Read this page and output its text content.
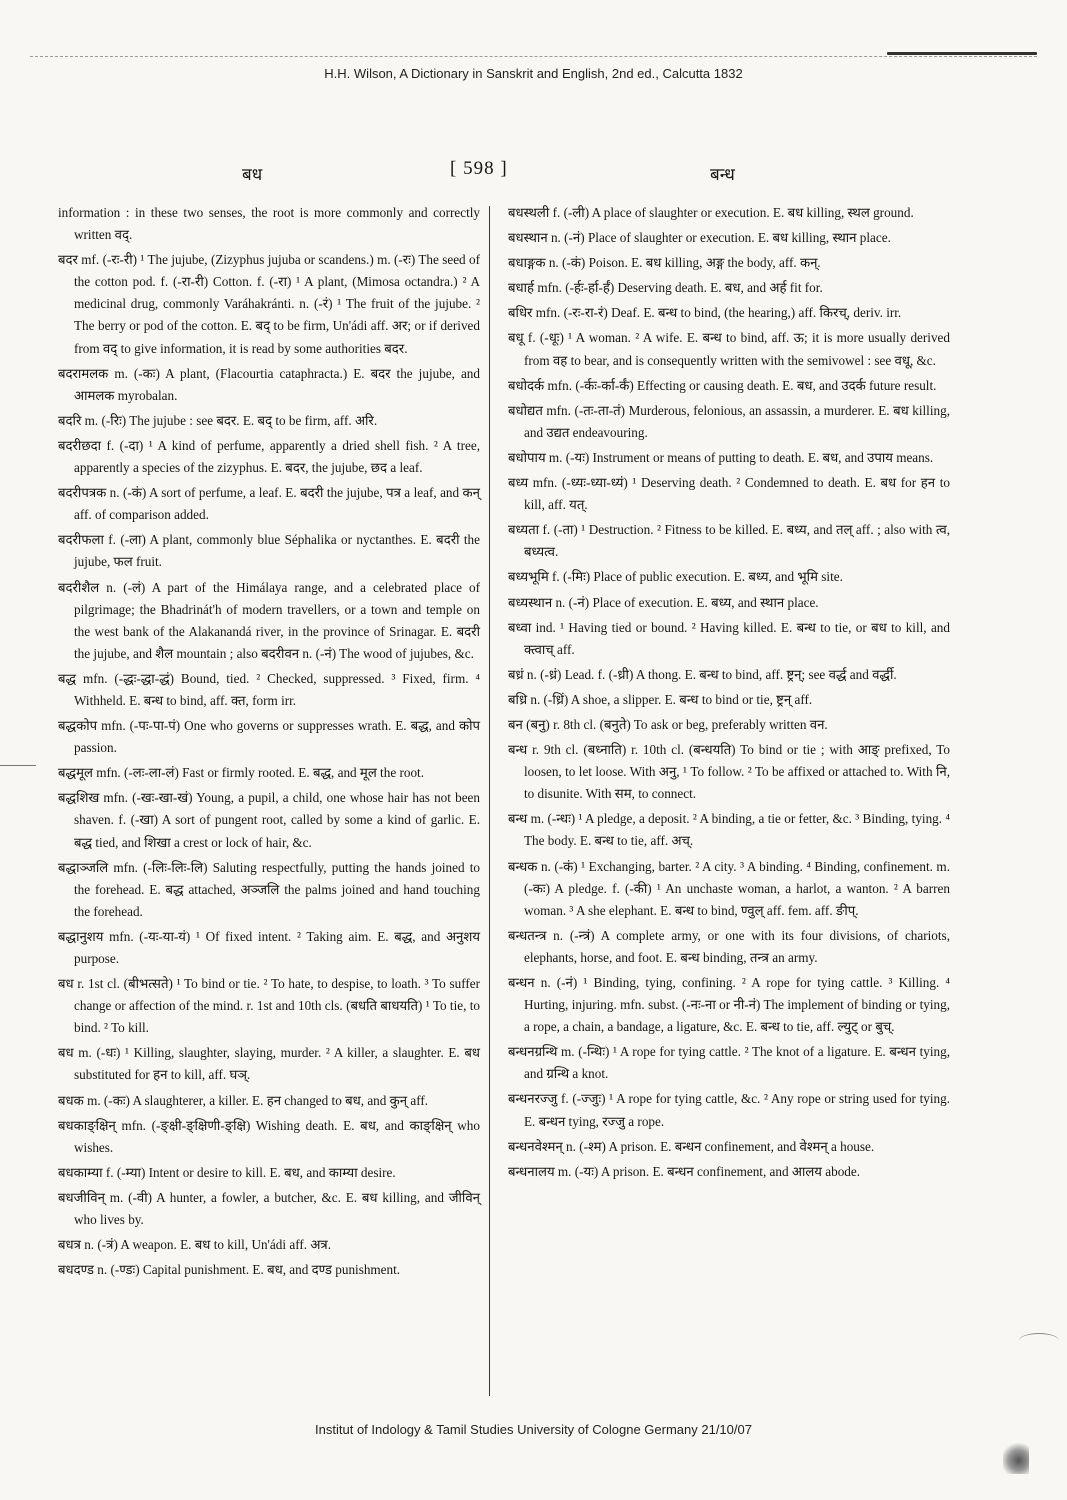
H.H. Wilson, A Dictionary in Sanskrit and English, 2nd ed., Calcutta 1832
बध	[ 598 ]	बन्ध

information : in these two senses, the root is more commonly and correctly written वद्.

बदर mf. (-रः-री) ¹ The jujube, (Zizyphus jujuba or scandens.) m. (-रः) The seed of the cotton pod. f. (-रा-री) Cotton. f. (-रा) ¹ A plant, (Mimosa octandra.) ² A medicinal drug, commonly Varáhakránti. n. (-रं) ¹ The fruit of the jujube. ² The berry or pod of the cotton. E. बद् to be firm, Un'ádi aff. अर; or if derived from वद् to give information, it is read by some authorities बदर.

बदरामलक m. (-कः) A plant, (Flacourtia cataphracta.) E. बदर the jujube, and आमलक myrobalan.

बदरि m. (-रिः) The jujube : see बदर. E. बद् to be firm, aff. अरि.

बदरीछदा f. (-दा) ¹ A kind of perfume, apparently a dried shell fish. ² A tree, apparently a species of the zizyphus. E. बदर, the jujube, छद a leaf.

बदरीपत्रक n. (-कं) A sort of perfume, a leaf. E. बदरी the jujube, पत्र a leaf, and कन् aff. of comparison added.

बदरीफला f. (-ला) A plant, commonly blue Séphalika or nyctanthes. E. बदरी the jujube, फल fruit.

बदरीशैल n. (-लं) A part of the Himálaya range, and a celebrated place of pilgrimage; the Bhadrinát'h of modern travellers, or a town and temple on the west bank of the Alakanandá river, in the province of Srinagar. E. बदरी the jujube, and शैल mountain ; also बदरीवन n. (-नं) The wood of jujubes, &c.

बद्ध mfn. (-द्धः-द्धा-द्धं) Bound, tied. ² Checked, suppressed. ³ Fixed, firm. ⁴ Withheld. E. बन्ध to bind, aff. क्त, form irr.

बद्धकोप mfn. (-पः-पा-पं) One who governs or suppresses wrath. E. बद्ध, and कोप passion.

बद्धमूल mfn. (-लः-ला-लं) Fast or firmly rooted. E. बद्ध, and मूल the root.

बद्धशिख mfn. (-खः-खा-खं) Young, a pupil, a child, one whose hair has not been shaven. f. (-खा) A sort of pungent root, called by some a kind of garlic. E. बद्ध tied, and शिखा a crest or lock of hair, &c.

बद्धाञ्जलि mfn. (-लिः-लिः-लि) Saluting respectfully, putting the hands joined to the forehead. E. बद्ध attached, अञ्जलि the palms joined and hand touching the forehead.

बद्धानुशय mfn. (-यः-या-यं) ¹ Of fixed intent. ² Taking aim. E. बद्ध, and अनुशय purpose.

बध r. 1st cl. (बीभत्सते) ¹ To bind or tie. ² To hate, to despise, to loath. ³ To suffer change or affection of the mind. r. 1st and 10th cls. (बधति बाधयति) ¹ To tie, to bind. ² To kill.

बध m. (-धः) ¹ Killing, slaughter, slaying, murder. ² A killer, a slaughter. E. बध substituted for हन to kill, aff. घञ्.

बधक m. (-कः) A slaughterer, a killer. E. हन changed to बध, and कुन् aff.

बधकाङ्क्षिन् mfn. (-ङ्क्षी-ङ्क्षिणी-ङ्क्षि) Wishing death. E. बध, and काङ्क्षिन् who wishes.

बधकाम्या f. (-म्या) Intent or desire to kill. E. बध, and काम्या desire.

बधजीविन् m. (-वी) A hunter, a fowler, a butcher, &c. E. बध killing, and जीविन् who lives by.

बधत्र n. (-त्रं) A weapon. E. बध to kill, Un'ádi aff. अत्र.

बधदण्ड n. (-ण्डः) Capital punishment. E. बध, and दण्ड punishment.

बधस्थली f. (-ली) A place of slaughter or execution. E. बध killing, स्थल ground.

बधस्थान n. (-नं) Place of slaughter or execution. E. बध killing, स्थान place.

बधाङ्गक n. (-कं) Poison. E. बध killing, अङ्ग the body, aff. कन्.

बधार्ह mfn. (-र्हः-र्हा-र्हं) Deserving death. E. बध, and अर्ह fit for.

बधिर mfn. (-रः-रा-रं) Deaf. E. बन्ध to bind, (the hearing,) aff. किरच्, deriv. irr.

बधू f. (-धूः) ¹ A woman. ² A wife. E. बन्ध to bind, aff. ऊ; it is more usually derived from वह to bear, and is consequently written with the semivowel : see वधू, &c.

बधोदर्क mfn. (-र्कः-र्का-र्कं) Effecting or causing death. E. बध, and उदर्क future result.

बधोद्यत mfn. (-तः-ता-तं) Murderous, felonious, an assassin, a murderer. E. बध killing, and उद्यत endeavouring.

बधोपाय m. (-यः) Instrument or means of putting to death. E. बध, and उपाय means.

बध्य mfn. (-ध्यः-ध्या-ध्यं) ¹ Deserving death. ² Condemned to death. E. बध for हन to kill, aff. यत्.

बध्यता f. (-ता) ¹ Destruction. ² Fitness to be killed. E. बध्य, and तल् aff. ; also with त्व, बध्यत्व.

बध्यभूमि f. (-मिः) Place of public execution. E. बध्य, and भूमि site.

बध्यस्थान n. (-नं) Place of execution. E. बध्य, and स्थान place.

बध्वा ind. ¹ Having tied or bound. ² Having killed. E. बन्ध to tie, or बध to kill, and क्त्वाच् aff.

बध्रं n. (-ध्रं) Lead. f. (-ध्री) A thong. E. बन्ध to bind, aff. ष्ट्रन्; see वर्द्ध and वर्द्धी.

बध्रि n. (-ध्रिं) A shoe, a slipper. E. बन्ध to bind or tie, ष्ट्रन् aff.

बन (बनु) r. 8th cl. (बनुते) To ask or beg, preferably written वन.

बन्ध r. 9th cl. (बध्नाति) r. 10th cl. (बन्धयति) To bind or tie ; with आङ् prefixed, To loosen, to let loose. With अनु, ¹ To follow. ² To be affixed or attached to. With नि, to disunite. With सम, to connect.

बन्ध m. (-न्धः) ¹ A pledge, a deposit. ² A binding, a tie or fetter, &c. ³ Binding, tying. ⁴ The body. E. बन्ध to tie, aff. अच्.

बन्धक n. (-कं) ¹ Exchanging, barter. ² A city. ³ A binding. ⁴ Binding, confinement. m. (-कः) A pledge. f. (-की) ¹ An unchaste woman, a harlot, a wanton. ² A barren woman. ³ A she elephant. E. बन्ध to bind, ण्वुल् aff. fem. aff. ङीप्.

बन्धतन्त्र n. (-न्त्रं) A complete army, or one with its four divisions, of chariots, elephants, horse, and foot. E. बन्ध binding, तन्त्र an army.

बन्धन n. (-नं) ¹ Binding, tying, confining. ² A rope for tying cattle. ³ Killing. ⁴ Hurting, injuring. mfn. subst. (-नः-ना or नी-नं) The implement of binding or tying, a rope, a chain, a bandage, a ligature, &c. E. बन्ध to tie, aff. ल्युट् or बुच्.

बन्धनग्रन्थि m. (-न्थिः) ¹ A rope for tying cattle. ² The knot of a ligature. E. बन्धन tying, and ग्रन्थि a knot.

बन्धनरज्जु f. (-ज्जुः) ¹ A rope for tying cattle, &c. ² Any rope or string used for tying. E. बन्धन tying, रज्जु a rope.

बन्धनवेश्मन् n. (-श्म) A prison. E. बन्धन confinement, and वेश्मन् a house.

बन्धनालय m. (-यः) A prison. E. बन्धन confinement, and आलय abode.

Institut of Indology & Tamil Studies University of Cologne Germany 21/10/07
